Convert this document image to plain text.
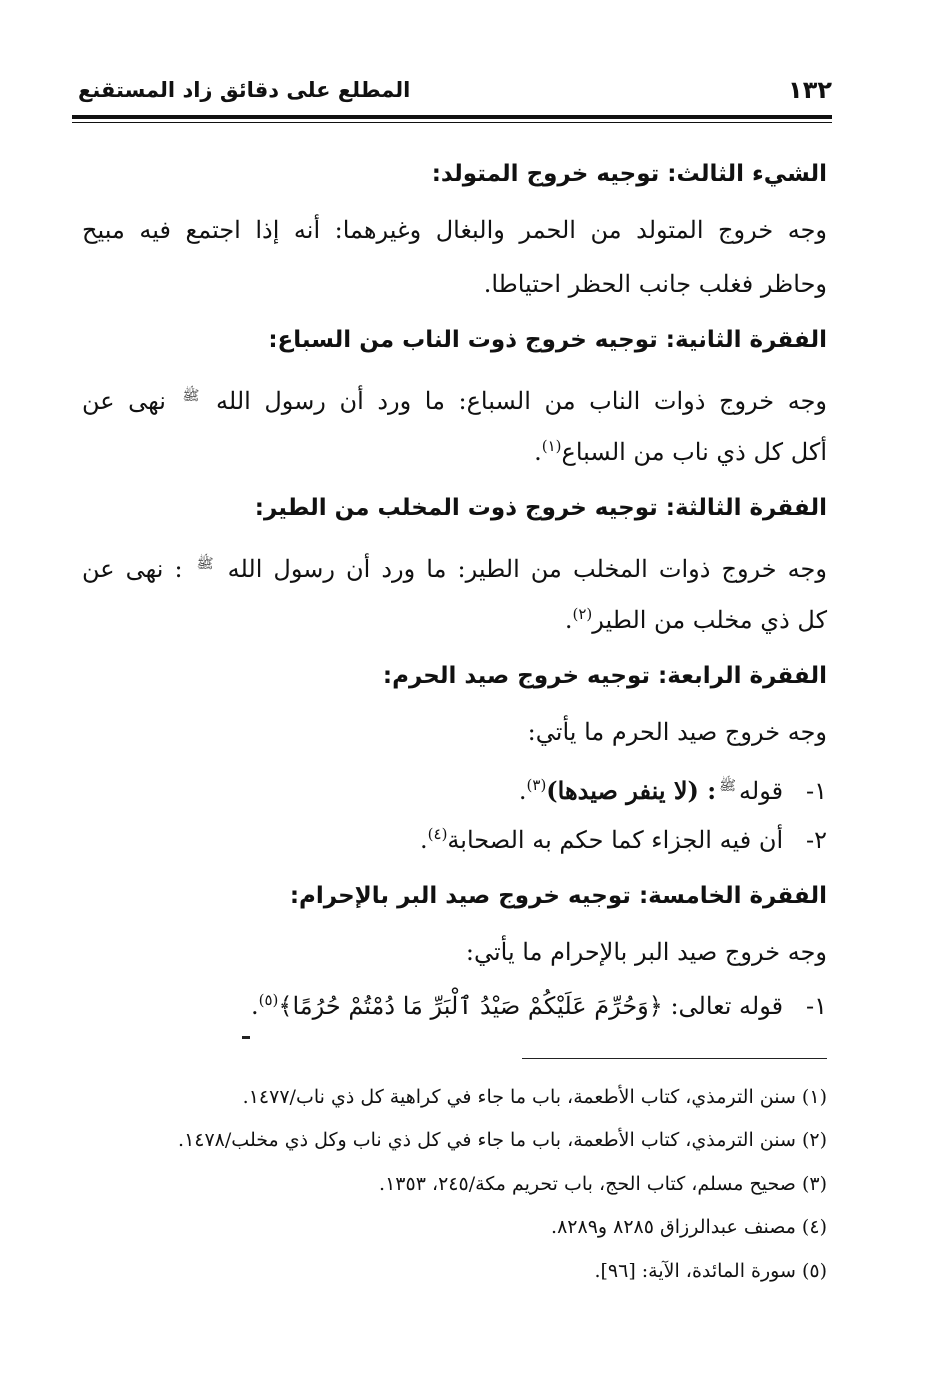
١٣٢
المطلع على دقائق زاد المستقنع
الشيء الثالث: توجيه خروج المتولد:
وجه خروج المتولد من الحمر والبغال وغيرهما: أنه إذا اجتمع فيه مبيح
وحاظر فغلب جانب الحظر احتياطا.
الفقرة الثانية: توجيه خروج ذوت الناب من السباع:
وجه خروج ذوات الناب من السباع: ما ورد أن رسول الله ﷺ نهى عن
أكل كل ذي ناب من السباع$^{(١)}$.
الفقرة الثالثة: توجيه خروج ذوت المخلب من الطير:
وجه خروج ذوات المخلب من الطير: ما ورد أن رسول الله ﷺ : نهى عن
كل ذي مخلب من الطير$^{(٢)}$.
الفقرة الرابعة: توجيه خروج صيد الحرم:
وجه خروج صيد الحرم ما يأتي:
١-   قولهﷺ: (لا ينفر صيدها)$^{(٣)}$.
٢-   أن فيه الجزاء كما حكم به الصحابة$^{(٤)}$.
الفقرة الخامسة: توجيه خروج صيد البر بالإحرام:
وجه خروج صيد البر بالإحرام ما يأتي:
١-   قوله تعالى: ﴿وَحُرِّمَ عَلَيْكُمْ صَيْدُ ٱلْبَرِّ مَا دُمْتُمْ حُرُمًا﴾$^{(٥)}$.
(١) سنن الترمذي، كتاب الأطعمة، باب ما جاء في كراهية كل ذي ناب/١٤٧٧.
(٢) سنن الترمذي، كتاب الأطعمة، باب ما جاء في كل ذي ناب وكل ذي مخلب/١٤٧٨.
(٣) صحيح مسلم، كتاب الحج، باب تحريم مكة/٢٤٥، ١٣٥٣.
(٤) مصنف عبدالرزاق ٨٢٨٥ و٨٢٨٩.
(٥) سورة المائدة، الآية: [٩٦].
